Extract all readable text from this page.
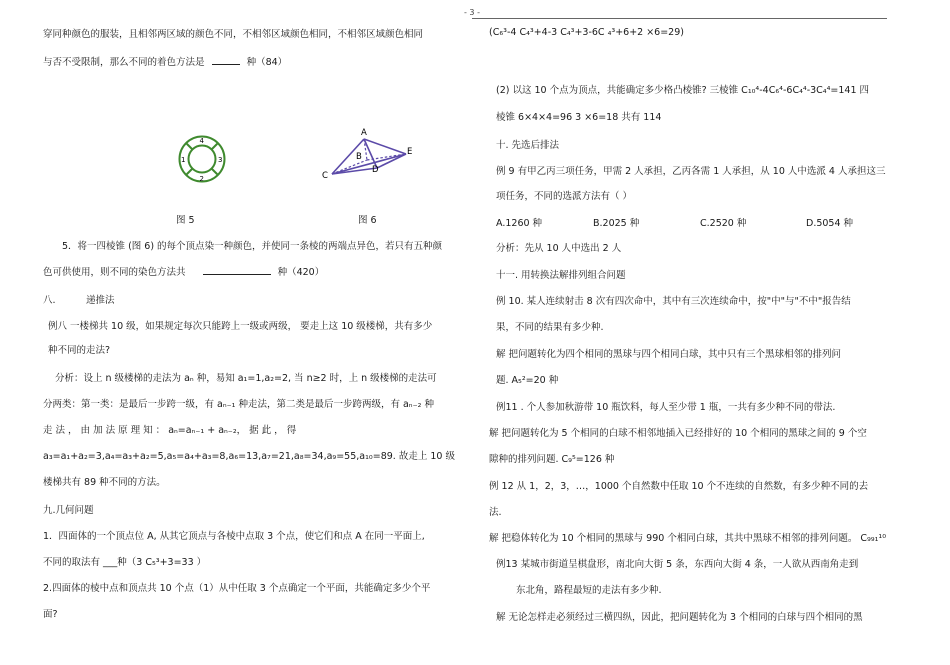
- 3 -
穿同种颜色的服装，且相邻两区域的颜色不同，不相邻区域颜色相同，不相邻区域颜色相同
与否不受限制，那么不同的着色方法是	种（84）
1
2
3
4
A
B
C
D
E
图 5	图 6
5．将一四棱锥 (图 6) 的每个顶点染一种颜色，并使同一条棱的两端点异色，若只有五种颜
色可供使用，则不同的染色方法共	种（420）
八.	递推法
例八 一楼梯共 10 级，如果规定每次只能跨上一级或两级， 要走上这 10 级楼梯，共有多少
种不同的走法?
分析：设上 n 级楼梯的走法为 aₙ 种，易知 a₁=1,a₂=2, 当 n≥2 时，上 n 级楼梯的走法可
分两类：第一类：是最后一步跨一级，有 aₙ₋₁ 种走法，第二类是最后一步跨两级，有 aₙ₋₂ 种
走 法 ， 由 加 法 原 理 知 ： aₙ=aₙ₋₁ + aₙ₋₂， 据 此 ， 得
a₃=a₁+a₂=3,a₄=a₃+a₂=5,a₅=a₄+a₃=8,a₆=13,a₇=21,a₈=34,a₉=55,a₁₀=89. 故走上 10 级
楼梯共有 89 种不同的方法。
九.几何问题
1．四面体的一个顶点位 A, 从其它顶点与各棱中点取 3 个点，使它们和点 A 在同一平面上,
不同的取法有 ___种（3 C₅³+3=33 ）
2.四面体的棱中点和顶点共 10 个点（1）从中任取 3 个点确定一个平面，共能确定多少个平
面?
(C₆³-4 C₄³+4-3 C₄³+3-6C ₄³+6+2 ×6=29)
(2) 以这 10 个点为顶点，共能确定多少格凸棱锥? 三棱锥 C₁₀⁴-4C₆⁴-6C₄⁴-3C₄⁴=141 四
棱锥 6×4×4=96 3 ×6=18 共有 114
十. 先选后排法
例 9 有甲乙丙三项任务，甲需 2 人承担，乙丙各需 1 人承担，从 10 人中选派 4 人承担这三
项任务，不同的选派方法有（ ）
A.1260 种	B.2025 种	C.2520 种	D.5054 种
分析：先从 10 人中选出 2 人
十一. 用转换法解排列组合问题
例 10. 某人连续射击 8 次有四次命中，其中有三次连续命中，按"中"与"不中"报告结
果，不同的结果有多少种.
解 把问题转化为四个相同的黑球与四个相同白球，其中只有三个黑球相邻的排列问
题. A₅²=20 种
例11 . 个人参加秋游带 10 瓶饮料，每人至少带 1 瓶，一共有多少种不同的带法.
解 把问题转化为 5 个相同的白球不相邻地插入已经排好的 10 个相同的黑球之间的 9 个空
隙种的排列问题. C₉⁵=126 种
例 12 从 1，2，3，…，1000 个自然数中任取 10 个不连续的自然数，有多少种不同的去
法.
解 把稳体转化为 10 个相同的黑球与 990 个相同白球，其共中黑球不相邻的排列问题。 C₉₉₁¹⁰
例13 某城市街道呈棋盘形，南北向大街 5 条，东西向大街 4 条，一人欲从西南角走到
东北角，路程最短的走法有多少种.
解 无论怎样走必须经过三横四纵，因此，把问题转化为 3 个相同的白球与四个相同的黑
